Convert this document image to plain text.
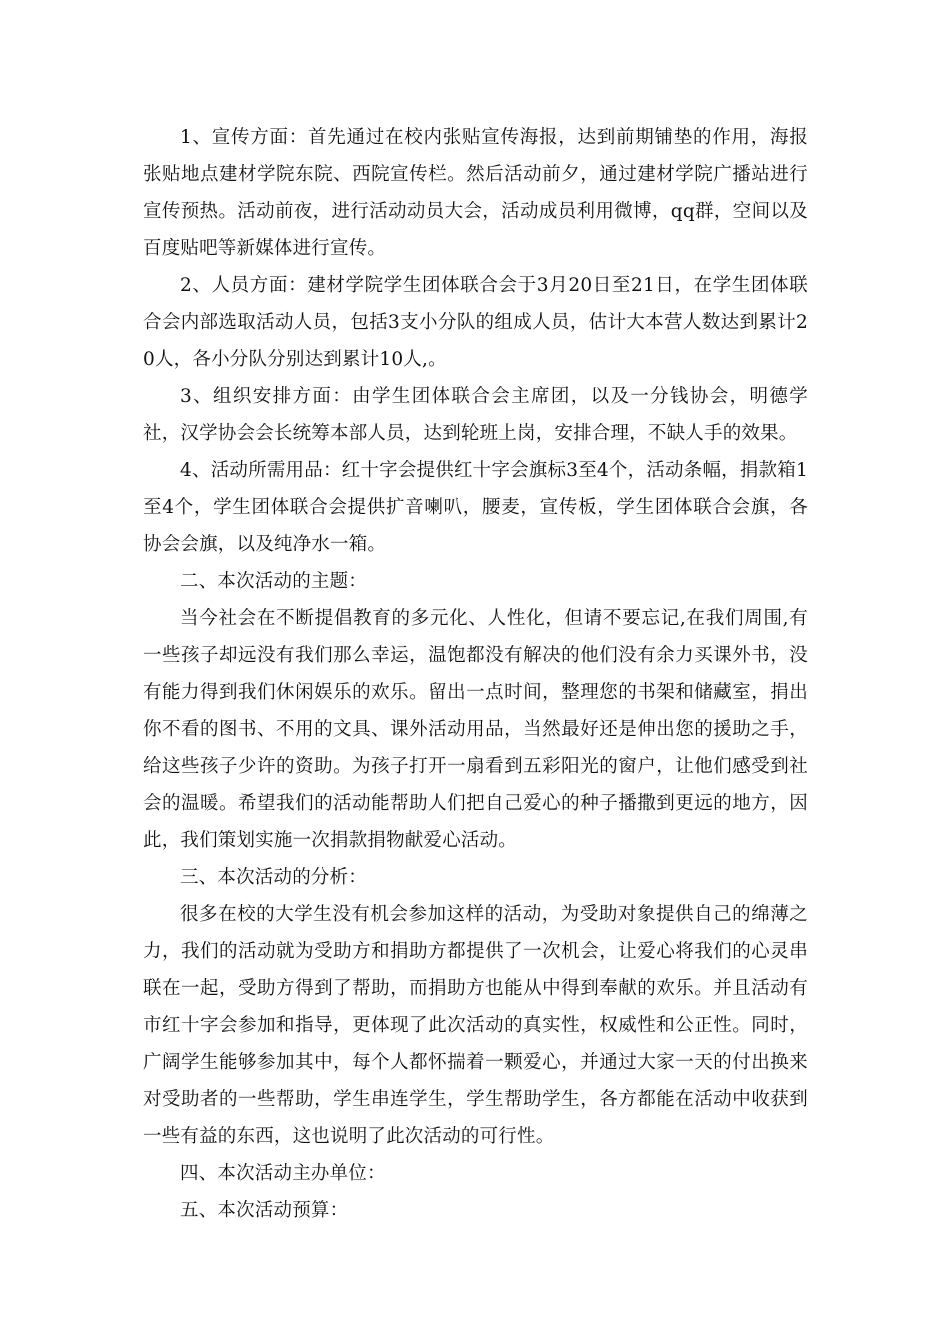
1、宣传方面：首先通过在校内张贴宣传海报，达到前期铺垫的作用，海报张贴地点建材学院东院、西院宣传栏。然后活动前夕，通过建材学院广播站进行宣传预热。活动前夜，进行活动动员大会，活动成员利用微博，qq群，空间以及百度贴吧等新媒体进行宣传。

2、人员方面：建材学院学生团体联合会于3月20日至21日，在学生团体联合会内部选取活动人员，包括3支小分队的组成人员，估计大本营人数达到累计20人，各小分队分别达到累计10人,。

3、组织安排方面：由学生团体联合会主席团，以及一分钱协会，明德学社，汉学协会会长统筹本部人员，达到轮班上岗，安排合理，不缺人手的效果。

4、活动所需用品：红十字会提供红十字会旗标3至4个，活动条幅，捐款箱1至4个，学生团体联合会提供扩音喇叭，腰麦，宣传板，学生团体联合会旗，各协会会旗，以及纯净水一箱。

二、本次活动的主题：

当今社会在不断提倡教育的多元化、人性化，但请不要忘记,在我们周围,有一些孩子却远没有我们那么幸运，温饱都没有解决的他们没有余力买课外书，没有能力得到我们休闲娱乐的欢乐。留出一点时间，整理您的书架和储藏室，捐出你不看的图书、不用的文具、课外活动用品，当然最好还是伸出您的援助之手，给这些孩子少许的资助。为孩子打开一扇看到五彩阳光的窗户，让他们感受到社会的温暖。希望我们的活动能帮助人们把自己爱心的种子播撒到更远的地方，因此，我们策划实施一次捐款捐物献爱心活动。

三、本次活动的分析：

很多在校的大学生没有机会参加这样的活动，为受助对象提供自己的绵薄之力，我们的活动就为受助方和捐助方都提供了一次机会，让爱心将我们的心灵串联在一起，受助方得到了帮助，而捐助方也能从中得到奉献的欢乐。并且活动有市红十字会参加和指导，更体现了此次活动的真实性，权威性和公正性。同时，广阔学生能够参加其中，每个人都怀揣着一颗爱心，并通过大家一天的付出换来对受助者的一些帮助，学生串连学生，学生帮助学生，各方都能在活动中收获到一些有益的东西，这也说明了此次活动的可行性。

四、本次活动主办单位：

五、本次活动预算：
